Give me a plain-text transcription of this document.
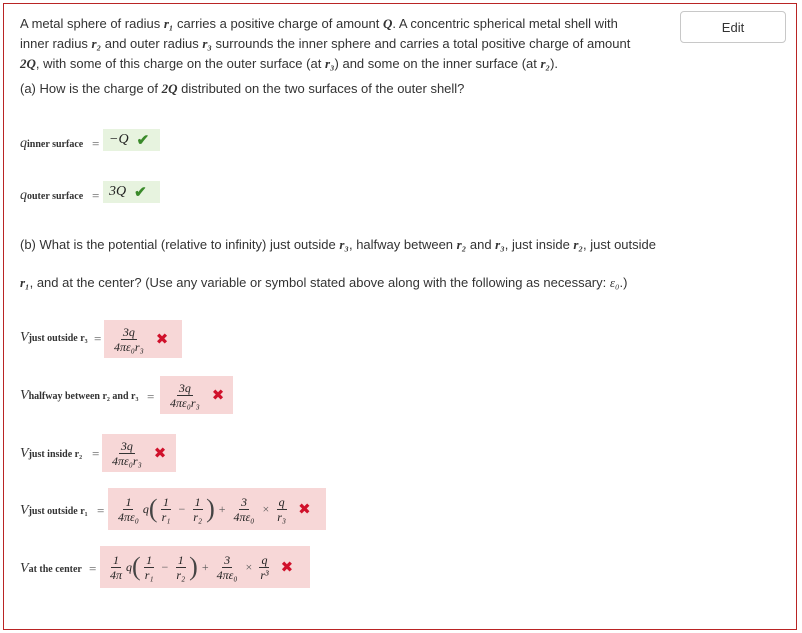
Edit
A metal sphere of radius r₁ carries a positive charge of amount Q. A concentric spherical metal shell with inner radius r₂ and outer radius r₃ surrounds the inner sphere and carries a total positive charge of amount 2Q, with some of this charge on the outer surface (at r₃) and some on the inner surface (at r₂).
(a) How is the charge of 2Q distributed on the two surfaces of the outer shell?
qinner surface = −Q ✔
qouter surface = 3Q ✔
(b) What is the potential (relative to infinity) just outside r₃, halfway between r₂ and r₃, just inside r₂, just outside
r₁, and at the center? (Use any variable or symbol stated above along with the following as necessary: ε₀.)
Vjust outside $r_3 = \frac{3q}{\text{4πε₀r₃}}$ ✖
Vhalfway between r₂ and $r_3 = \frac{3q}{\text{4πε₀r₃}}$ ✖
Vjust inside $r_2 = \frac{3q}{\text{4πε₀r₃}}$ ✖
Vjust outside $r_1 = \frac{1}{\text{4πε₀}}$ q ( $\frac{1}{\text{r₁}} - \frac{1}{\text{r₂}}$ ) + $\frac{3}{\text{4πε₀}} \times \frac{q}{\text{r₃}}$ ✖
Vat the center = $\frac{1}{4\pi}$ q ( $\frac{1}{\text{r₁}} - \frac{1}{\text{r₂}}$ ) + $\frac{3}{\text{4πε₀}} \times \frac{q}{\text{r³}}$ ✖
